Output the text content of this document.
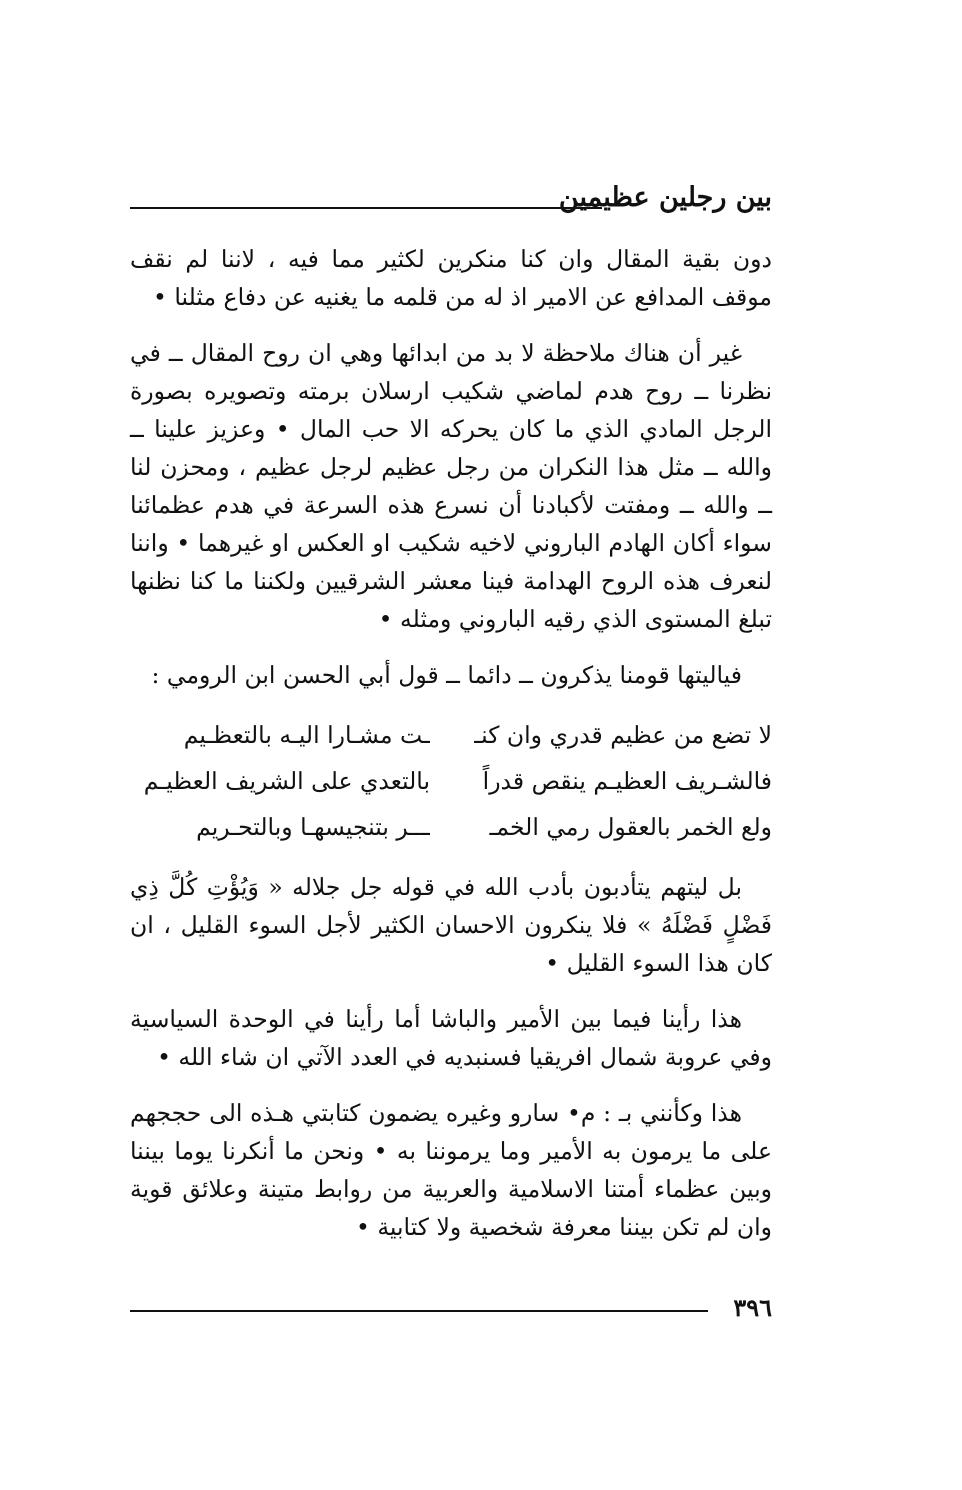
بين رجلين عظيمين

دون بقية المقال وان كنا منكرين لكثير مما فيه ، لاننا لم نقف موقف المدافع عن الامير اذ له من قلمه ما يغنيه عن دفاع مثلنا •

غير أن هناك ملاحظة لا بد من ابدائها وهي ان روح المقال ــ في نظرنا ــ روح هدم لماضي شكيب ارسلان برمته وتصويره بصورة الرجل المادي الذي ما كان يحركه الا حب المال • وعزيز علينا ــ والله ــ مثل هذا النكران من رجل عظيم لرجل عظيم ، ومحزن لنا ــ والله ــ ومفتت لأكبادنا أن نسرع هذه السرعة في هدم عظمائنا سواء أكان الهادم الباروني لاخيه شكيب او العكس او غيرهما • واننا لنعرف هذه الروح الهدامة فينا معشر الشرقيين ولكننا ما كنا نظنها تبلغ المستوى الذي رقيه الباروني ومثله •

فياليتها قومنا يذكرون ــ دائما ــ قول أبي الحسن ابن الرومي :

لا تضع من عظيم قدري وان كنـ
ـت مشـارا اليـه بالتعظـيم
فالشـريف العظيـم ينقص قدراً
بالتعدي على الشريف العظيـم
ولع الخمر بالعقول رمي الخمـ
ـــر بتنجيسهـا وبالتحـريم

بل ليتهم يتأدبون بأدب الله في قوله جل جلاله « وَيُؤْتِ كُلَّ ذِي فَضْلٍ فَضْلَهُ » فلا ينكرون الاحسان الكثير لأجل السوء القليل ، ان كان هذا السوء القليل •

هذا رأينا فيما بين الأمير والباشا أما رأينا في الوحدة السياسية وفي عروبة شمال افريقيا فسنبديه في العدد الآتي ان شاء الله •

هذا وكأنني بـ : م• سارو وغيره يضمون كتابتي هـذه الى حججهم على ما يرمون به الأمير وما يرموننا به • ونحن ما أنكرنا يوما بيننا وبين عظماء أمتنا الاسلامية والعربية من روابط متينة وعلائق قوية وان لم تكن بيننا معرفة شخصية ولا كتابية •

٣٩٦
